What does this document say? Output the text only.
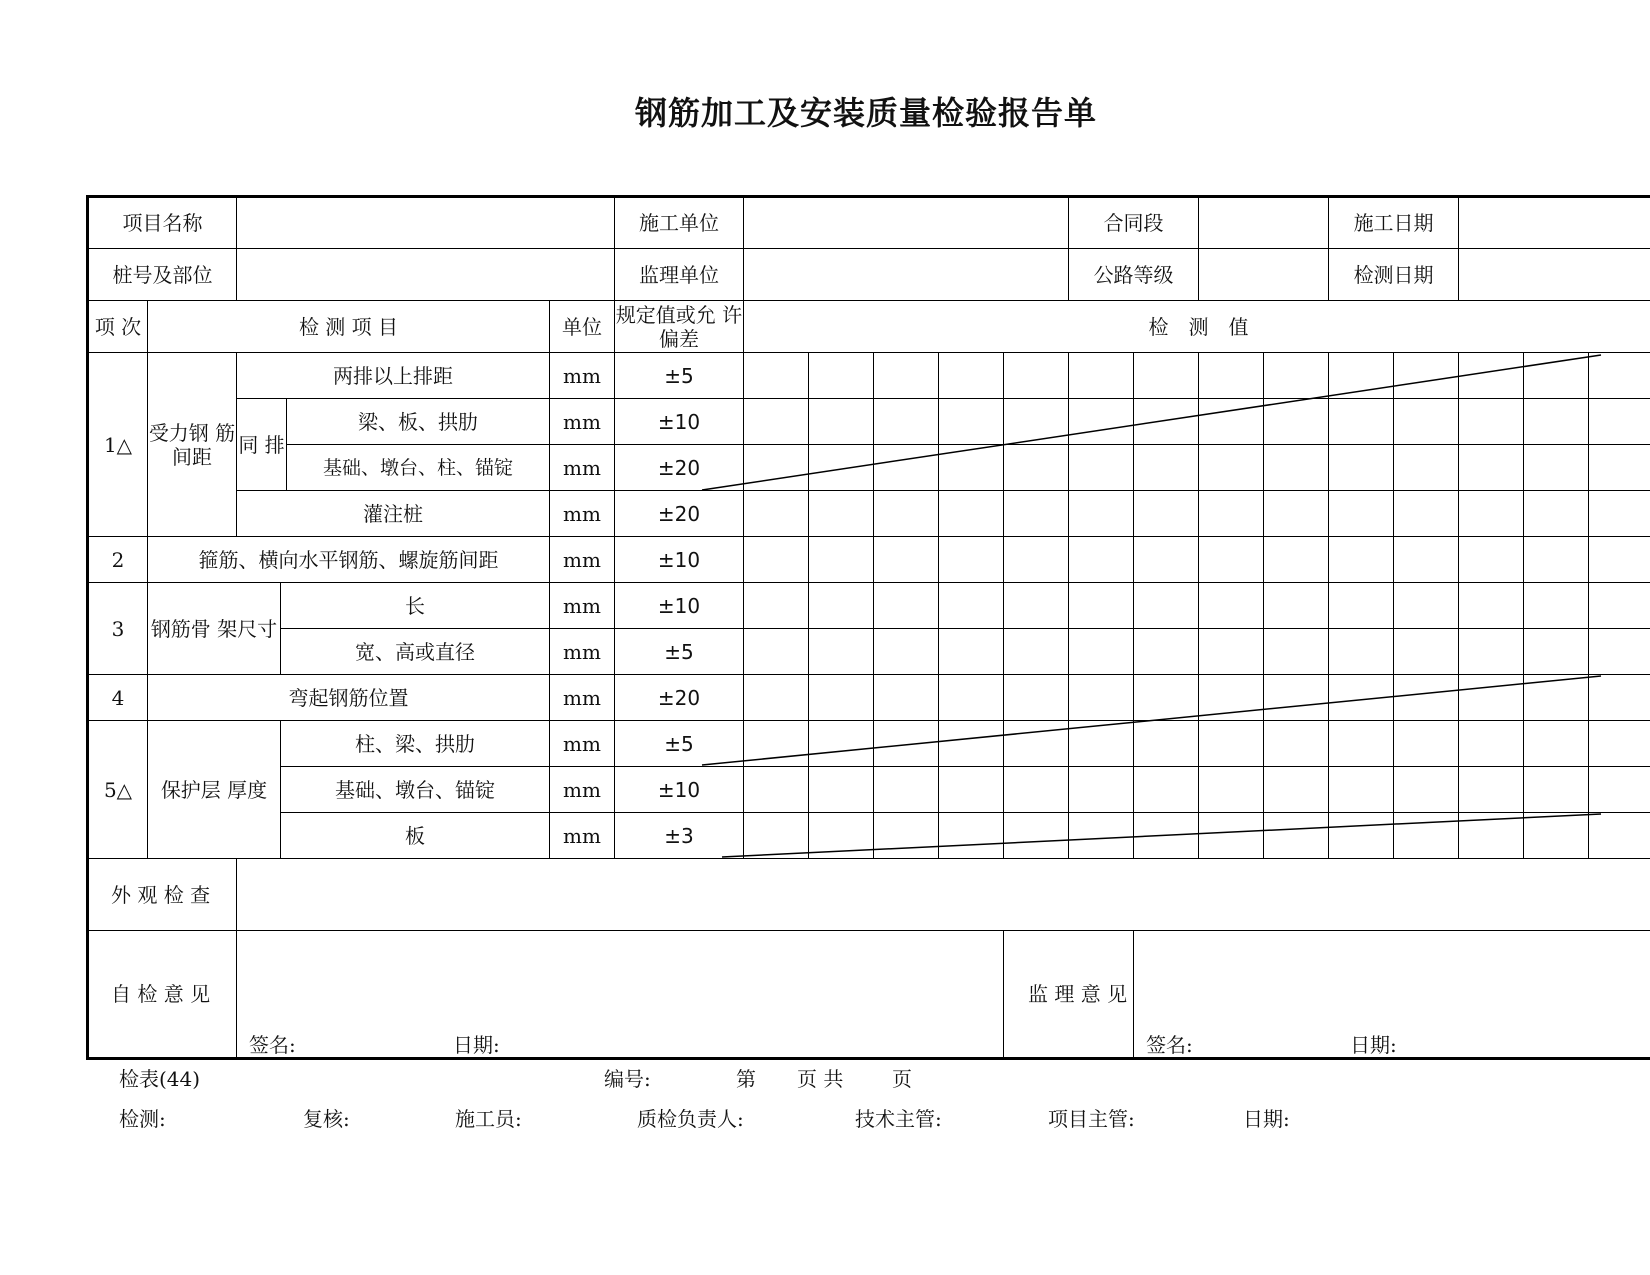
钢筋加工及安装质量检验报告单
项目名称						施工单位						合同段				施工日期				
桩号及部位						监理单位						公路等级				检测日期				
项 次	检 测 项 目				单位	规定值或允 许偏差	检　测　值													
1△	受力钢 筋间距	两排以上排距			mm	±5														
		同 排		梁、板、拱肋	mm	±10														
				基础、墩台、柱、锚锭	mm	±20														
		灌注桩			mm	±20														
2	箍筋、横向水平钢筋、螺旋筋间距				mm	±10														
3	钢筋骨 架尺寸		长		mm	±10														
			宽、高或直径		mm	±5														
4	弯起钢筋位置				mm	±20														
5△	保护层 厚度		柱、梁、拱肋		mm	±5														
			基础、墩台、锚锭		mm	±10														
			板		mm	±3														
外 观 检 查																				
自 检 意 见		签名: 日期:									监 理 意 见		签名: 日期:							
检表(44)	编号:	第 页 共 页
检测:	复核:	施工员:	质检负责人:	技术主管:	项目主管:	日期:
